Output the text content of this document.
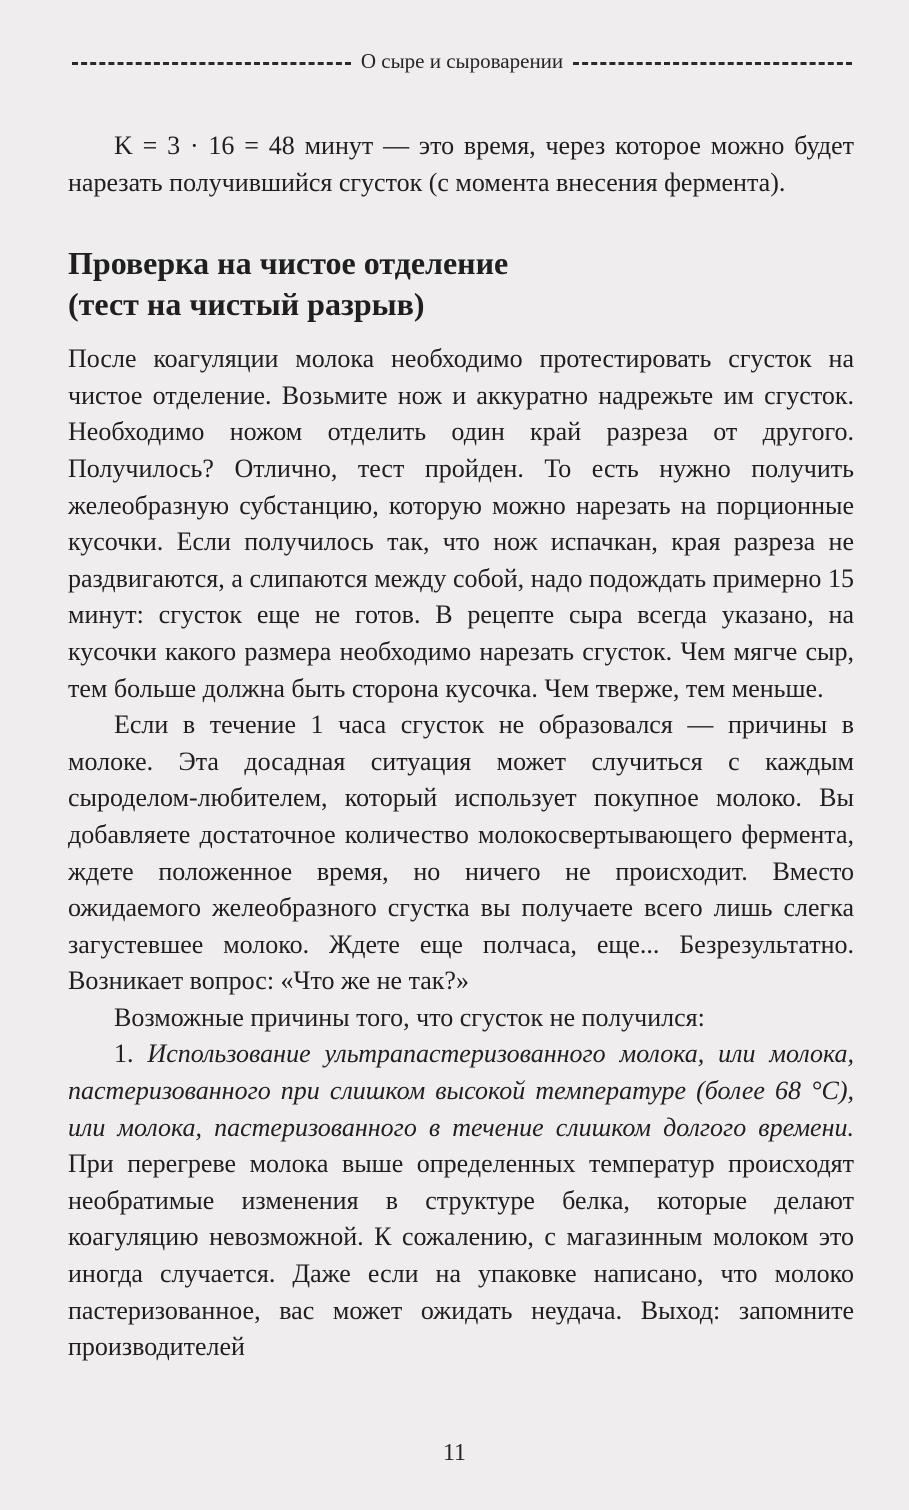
О сыре и сыроварении

K = 3 · 16 = 48 минут — это время, через которое можно будет нарезать получившийся сгусток (с момента внесения фермента).

Проверка на чистое отделение
(тест на чистый разрыв)

После коагуляции молока необходимо протестировать сгусток на чистое отделение. Возьмите нож и аккуратно надрежьте им сгусток. Необходимо ножом отделить один край разреза от другого. Получилось? Отлично, тест пройден. То есть нужно получить желеобразную субстанцию, которую можно нарезать на порционные кусочки. Если получилось так, что нож испачкан, края разреза не раздвигаются, а слипаются между собой, надо подождать примерно 15 минут: сгусток еще не готов. В рецепте сыра всегда указано, на кусочки какого размера необходимо нарезать сгусток. Чем мягче сыр, тем больше должна быть сторона кусочка. Чем тверже, тем меньше.

Если в течение 1 часа сгусток не образовался — причины в молоке. Эта досадная ситуация может случиться с каждым сыроделом-любителем, который использует покупное молоко. Вы добавляете достаточное количество молокосвертывающего фермента, ждете положенное время, но ничего не происходит. Вместо ожидаемого желеобразного сгустка вы получаете всего лишь слегка загустевшее молоко. Ждете еще полчаса, еще... Безрезультатно. Возникает вопрос: «Что же не так?»

Возможные причины того, что сгусток не получился:

1. Использование ультрапастеризованного молока, или молока, пастеризованного при слишком высокой температуре (более 68 °С), или молока, пастеризованного в течение слишком долгого времени. При перегреве молока выше определенных температур происходят необратимые изменения в структуре белка, которые делают коагуляцию невозможной. К сожалению, с магазинным молоком это иногда случается. Даже если на упаковке написано, что молоко пастеризованное, вас может ожидать неудача. Выход: запомните производителей

11
